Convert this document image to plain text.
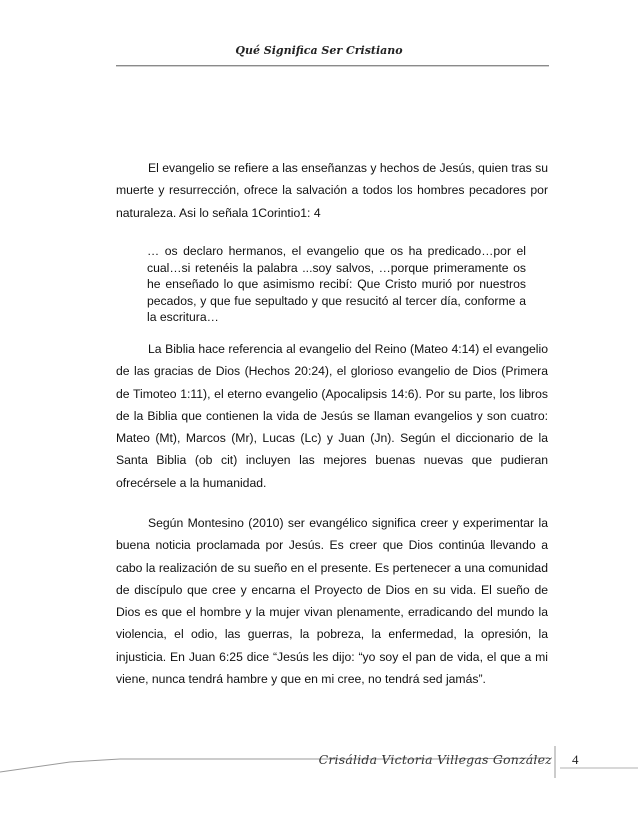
Qué Significa Ser Cristiano
El evangelio se refiere a las enseñanzas y hechos de Jesús, quien tras su muerte y resurrección, ofrece la salvación a todos los hombres pecadores por naturaleza. Asi lo señala 1Corintio1: 4
… os declaro hermanos, el evangelio que os ha predicado…por el cual…si retenéis la palabra ...soy salvos, …porque primeramente os he enseñado lo que asimismo recibí: Que Cristo murió por nuestros pecados, y que fue sepultado y que resucitó al tercer día, conforme a la escritura…
La Biblia hace referencia al evangelio del Reino (Mateo 4:14) el evangelio de las gracias de Dios (Hechos 20:24), el glorioso evangelio de Dios (Primera de Timoteo 1:11), el eterno evangelio (Apocalipsis 14:6). Por su parte, los libros de la Biblia que contienen la vida de Jesús se llaman evangelios y son cuatro: Mateo (Mt), Marcos (Mr), Lucas (Lc) y Juan (Jn). Según el diccionario de la Santa Biblia (ob cit) incluyen las mejores buenas nuevas que pudieran ofrecérsele a la humanidad.
Según Montesino (2010) ser evangélico significa creer y experimentar la buena noticia proclamada por Jesús. Es creer que Dios continúa llevando a cabo la realización de su sueño en el presente. Es pertenecer a una comunidad de discípulo que cree y encarna el Proyecto de Dios en su vida. El sueño de Dios es que el hombre y la mujer vivan plenamente, erradicando del mundo la violencia, el odio, las guerras, la pobreza, la enfermedad, la opresión, la injusticia. En Juan 6:25 dice “Jesús les dijo: “yo soy el pan de vida, el que a mi viene, nunca tendrá hambre y que en mi cree, no tendrá sed jamás”.
Crisálida Victoria Villegas González 4
